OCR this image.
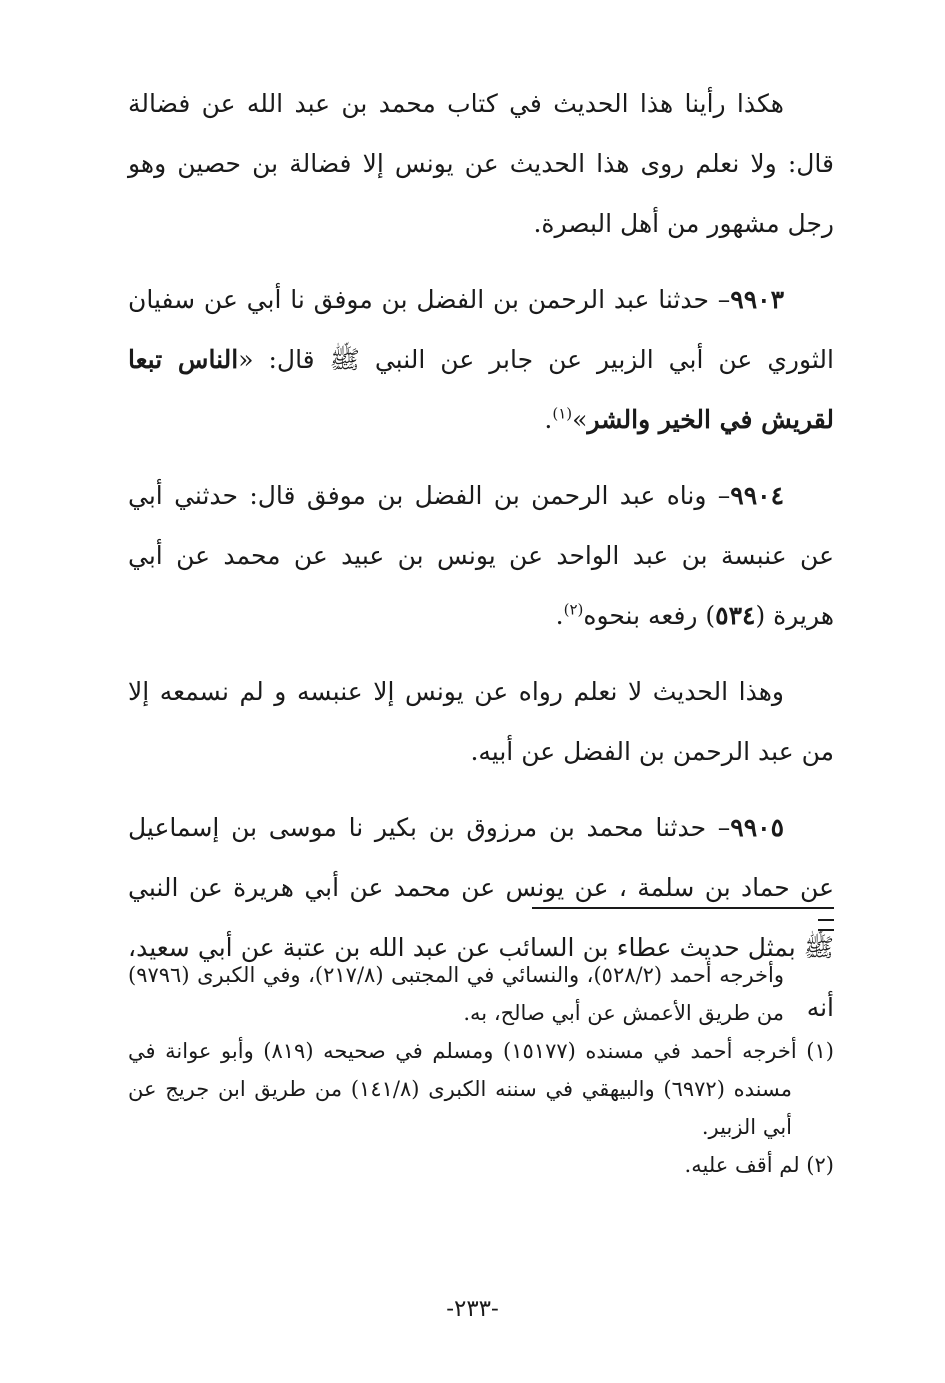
هكذا رأينا هذا الحديث في كتاب محمد بن عبد الله عن فضالة قال: ولا نعلم روى هذا الحديث عن يونس إلا فضالة بن حصين وهو رجل مشهور من أهل البصرة.

٩٩٠٣– حدثنا عبد الرحمن بن الفضل بن موفق نا أبي عن سفيان الثوري عن أبي الزبير عن جابر عن النبي ﷺ قال: «الناس تبعا لقريش في الخير والشر»$^{(١)}$.

٩٩٠٤– وناه عبد الرحمن بن الفضل بن موفق قال: حدثني أبي عن عنبسة بن عبد الواحد عن يونس بن عبيد عن محمد عن أبي هريرة (٥٣٤) رفعه بنحوه$^{(٢)}$.

وهذا الحديث لا نعلم رواه عن يونس إلا عنبسه و لم نسمعه إلا من عبد الرحمن بن الفضل عن أبيه.

٩٩٠٥– حدثنا محمد بن مرزوق بن بكير نا موسى بن إسماعيل عن حماد بن سلمة ، عن يونس عن محمد عن أبي هريرة عن النبي ﷺ بمثل حديث عطاء بن السائب عن عبد الله بن عتبة عن أبي سعيد، أنه

وأخرجه أحمد (٥٢٨/٢)، والنسائي في المجتبى (٢١٧/٨)، وفي الكبرى (٩٧٩٦) من طريق الأعمش عن أبي صالح، به.
(١) أخرجه أحمد في مسنده (١٥١٧٧) ومسلم في صحيحه (٨١٩) وأبو عوانة في مسنده (٦٩٧٢) والبيهقي في سننه الكبرى (١٤١/٨) من طريق ابن جريج عن أبي الزبير.
(٢) لم أقف عليه.
-٢٣٣-
